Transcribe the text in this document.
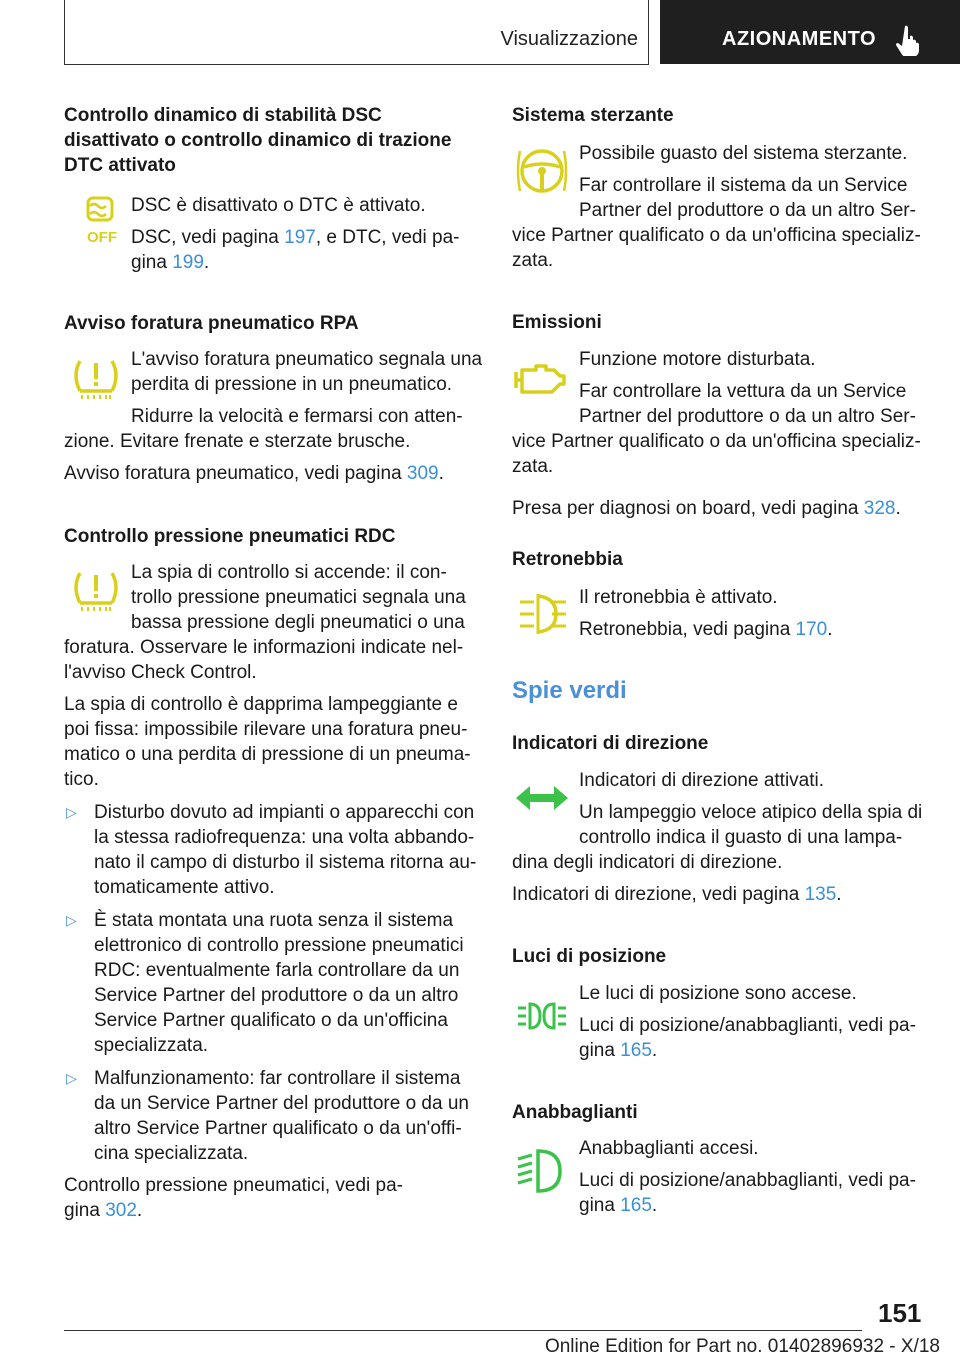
Visualizzazione	AZIONAMENTO
Controllo dinamico di stabilità DSC
disattivato o controllo dinamico di trazione
DTC attivato
OFF
DSC è disattivato o DTC è attivato.
DSC, vedi pagina 197, e DTC, vedi pa-
gina 199.
Avviso foratura pneumatico RPA
L'avviso foratura pneumatico segnala una
perdita di pressione in un pneumatico.
Ridurre la velocità e fermarsi con atten-
zione. Evitare frenate e sterzate brusche.
Avviso foratura pneumatico, vedi pagina 309.
Controllo pressione pneumatici RDC
La spia di controllo si accende: il con-
trollo pressione pneumatici segnala una
bassa pressione degli pneumatici o una
foratura. Osservare le informazioni indicate nel-
l'avviso Check Control.
La spia di controllo è dapprima lampeggiante e
poi fissa: impossibile rilevare una foratura pneu-
matico o una perdita di pressione di un pneuma-
tico.
▷ Disturbo dovuto ad impianti o apparecchi con
la stessa radiofrequenza: una volta abbando-
nato il campo di disturbo il sistema ritorna au-
tomaticamente attivo.
▷ È stata montata una ruota senza il sistema
elettronico di controllo pressione pneumatici
RDC: eventualmente farla controllare da un
Service Partner del produttore o da un altro
Service Partner qualificato o da un'officina
specializzata.
▷ Malfunzionamento: far controllare il sistema
da un Service Partner del produttore o da un
altro Service Partner qualificato o da un'offi-
cina specializzata.
Controllo pressione pneumatici, vedi pa-
gina 302.
Sistema sterzante
Possibile guasto del sistema sterzante.
Far controllare il sistema da un Service
Partner del produttore o da un altro Ser-
vice Partner qualificato o da un'officina specializ-
zata.
Emissioni
Funzione motore disturbata.
Far controllare la vettura da un Service
Partner del produttore o da un altro Ser-
vice Partner qualificato o da un'officina specializ-
zata.
Presa per diagnosi on board, vedi pagina 328.
Retronebbia
Il retronebbia è attivato.
Retronebbia, vedi pagina 170.
Spie verdi
Indicatori di direzione
Indicatori di direzione attivati.
Un lampeggio veloce atipico della spia di
controllo indica il guasto di una lampa-
dina degli indicatori di direzione.
Indicatori di direzione, vedi pagina 135.
Luci di posizione
Le luci di posizione sono accese.
Luci di posizione/anabbaglianti, vedi pa-
gina 165.
Anabbaglianti
Anabbaglianti accesi.
Luci di posizione/anabbaglianti, vedi pa-
gina 165.
151
Online Edition for Part no. 01402896932 - X/18
